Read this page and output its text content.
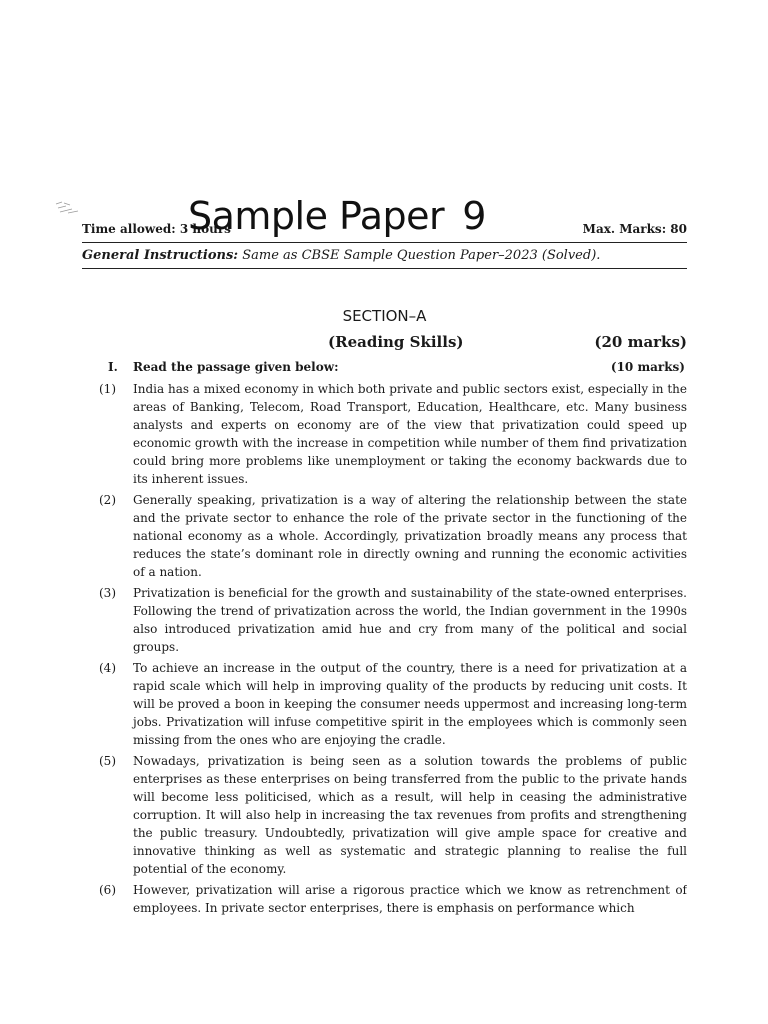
Time allowed: 3 hours
Sample Paper 9	Max. Marks: 80
General Instructions: Same as CBSE Sample Question Paper–2023 (Solved).
SECTION–A
(Reading Skills)	(20 marks)
I. Read the passage given below:	(10 marks)
(1) India has a mixed economy in which both private and public sectors exist, especially in the areas of Banking, Telecom, Road Transport, Education, Healthcare, etc. Many business analysts and experts on economy are of the view that privatization could speed up economic growth with the increase in competition while number of them find privatization could bring more problems like unemployment or taking the economy backwards due to its inherent issues.
(2) Generally speaking, privatization is a way of altering the relationship between the state and the private sector to enhance the role of the private sector in the functioning of the national economy as a whole. Accordingly, privatization broadly means any process that reduces the state’s dominant role in directly owning and running the economic activities of a nation.
(3) Privatization is beneficial for the growth and sustainability of the state-owned enterprises. Following the trend of privatization across the world, the Indian government in the 1990s also introduced privatization amid hue and cry from many of the political and social groups.
(4) To achieve an increase in the output of the country, there is a need for privatization at a rapid scale which will help in improving quality of the products by reducing unit costs. It will be proved a boon in keeping the consumer needs uppermost and increasing long-term jobs. Privatization will infuse competitive spirit in the employees which is commonly seen missing from the ones who are enjoying the cradle.
(5) Nowadays, privatization is being seen as a solution towards the problems of public enterprises as these enterprises on being transferred from the public to the private hands will become less politicised, which as a result, will help in ceasing the administrative corruption. It will also help in increasing the tax revenues from profits and strengthening the public treasury. Undoubtedly, privatization will give ample space for creative and innovative thinking as well as systematic and strategic planning to realise the full potential of the economy.
(6) However, privatization will arise a rigorous practice which we know as retrenchment of employees. In private sector enterprises, there is emphasis on performance which
